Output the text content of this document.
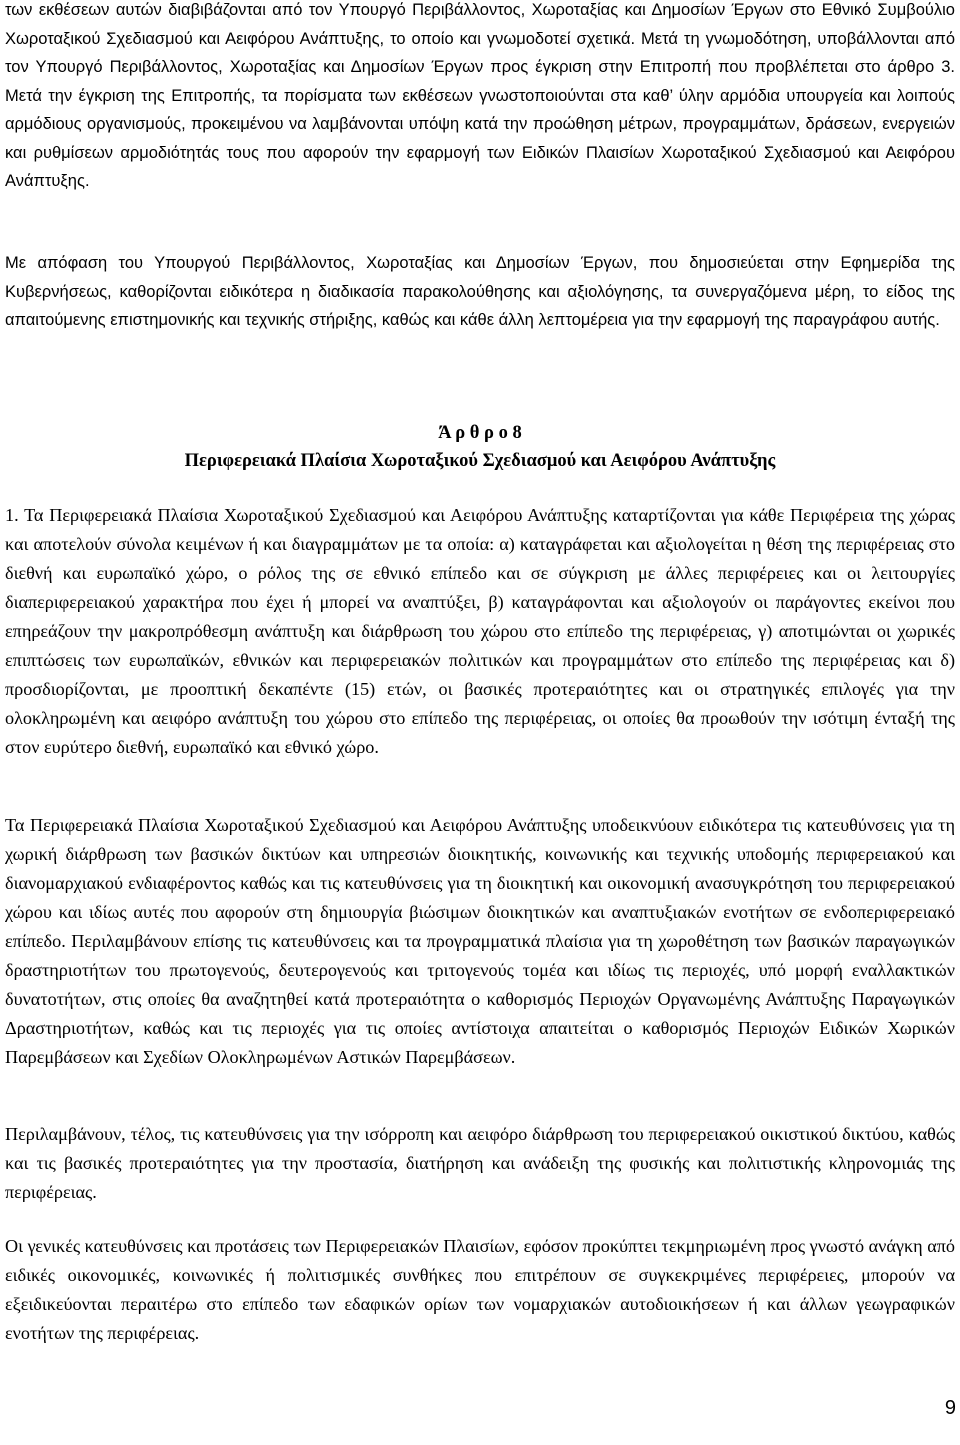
των εκθέσεων αυτών διαβιβάζονται από τον Υπουργό Περιβάλλοντος, Χωροταξίας και Δημοσίων Έργων στο Εθνικό Συμβούλιο Χωροταξικού Σχεδιασμού και Αειφόρου Ανάπτυξης, το οποίο και γνωμοδοτεί σχετικά. Μετά τη γνωμοδότηση, υποβάλλονται από τον Υπουργό Περιβάλλοντος, Χωροταξίας και Δημοσίων Έργων προς έγκριση στην Επιτροπή που προβλέπεται στο άρθρο 3. Μετά την έγκριση της Επιτροπής, τα πορίσματα των εκθέσεων γνωστοποιούνται στα καθ’ ύλην αρμόδια υπουργεία και λοιπούς αρμόδιους οργανισμούς, προκειμένου να λαμβάνονται υπόψη κατά την προώθηση μέτρων, προγραμμάτων, δράσεων, ενεργειών και ρυθμίσεων αρμοδιότητάς τους που αφορούν την εφαρμογή των Ειδικών Πλαισίων Χωροταξικού Σχεδιασμού και Αειφόρου Ανάπτυξης.

Με απόφαση του Υπουργού Περιβάλλοντος, Χωροταξίας και Δημοσίων Έργων, που δημοσιεύεται στην Εφημερίδα της Κυβερνήσεως, καθορίζονται ειδικότερα η διαδικασία παρακολούθησης και αξιολόγησης, τα συνεργαζόμενα μέρη, το είδος της απαιτούμενης επιστημονικής και τεχνικής στήριξης, καθώς και κάθε άλλη λεπτομέρεια για την εφαρμογή της παραγράφου αυτής.

Ά ρ θ ρ ο 8
Περιφερειακά Πλαίσια Χωροταξικού Σχεδιασμού και Αειφόρου Ανάπτυξης

1. Τα Περιφερειακά Πλαίσια Χωροταξικού Σχεδιασμού και Αειφόρου Ανάπτυξης καταρτίζονται για κάθε Περιφέρεια της χώρας και αποτελούν σύνολα κειμένων ή και διαγραμμάτων με τα οποία: α) καταγράφεται και αξιολογείται η θέση της περιφέρειας στο διεθνή και ευρωπαϊκό χώρο, ο ρόλος της σε εθνικό επίπεδο και σε σύγκριση με άλλες περιφέρειες και οι λειτουργίες διαπεριφερειακού χαρακτήρα που έχει ή μπορεί να αναπτύξει, β) καταγράφονται και αξιολογούν οι παράγοντες εκείνοι που επηρεάζουν την μακροπρόθεσμη ανάπτυξη και διάρθρωση του χώρου στο επίπεδο της περιφέρειας, γ) αποτιμώνται οι χωρικές επιπτώσεις των ευρωπαϊκών, εθνικών και περιφερειακών πολιτικών και προγραμμάτων στο επίπεδο της περιφέρειας και δ) προσδιορίζονται, με προοπτική δεκαπέντε (15) ετών, οι βασικές προτεραιότητες και οι στρατηγικές επιλογές για την ολοκληρωμένη και αειφόρο ανάπτυξη του χώρου στο επίπεδο της περιφέρειας, οι οποίες θα προωθούν την ισότιμη ένταξή της στον ευρύτερο διεθνή, ευρωπαϊκό και εθνικό χώρο.

Τα Περιφερειακά Πλαίσια Χωροταξικού Σχεδιασμού και Αειφόρου Ανάπτυξης υποδεικνύουν ειδικότερα τις κατευθύνσεις για τη χωρική διάρθρωση των βασικών δικτύων και υπηρεσιών διοικητικής, κοινωνικής και τεχνικής υποδομής περιφερειακού και διανομαρχιακού ενδιαφέροντος καθώς και τις κατευθύνσεις για τη διοικητική και οικονομική ανασυγκρότηση του περιφερειακού χώρου και ιδίως αυτές που αφορούν στη δημιουργία βιώσιμων διοικητικών και αναπτυξιακών ενοτήτων σε ενδοπεριφερειακό επίπεδο. Περιλαμβάνουν επίσης τις κατευθύνσεις και τα προγραμματικά πλαίσια για τη χωροθέτηση των βασικών παραγωγικών δραστηριοτήτων του πρωτογενούς, δευτερογενούς και τριτογενούς τομέα και ιδίως τις περιοχές, υπό μορφή εναλλακτικών δυνατοτήτων, στις οποίες θα αναζητηθεί κατά προτεραιότητα ο καθορισμός Περιοχών Οργανωμένης Ανάπτυξης Παραγωγικών Δραστηριοτήτων, καθώς και τις περιοχές για τις οποίες αντίστοιχα απαιτείται ο καθορισμός Περιοχών Ειδικών Χωρικών Παρεμβάσεων και Σχεδίων Ολοκληρωμένων Αστικών Παρεμβάσεων.

Περιλαμβάνουν, τέλος, τις κατευθύνσεις για την ισόρροπη και αειφόρο διάρθρωση του περιφερειακού οικιστικού δικτύου, καθώς και τις βασικές προτεραιότητες για την προστασία, διατήρηση και ανάδειξη της φυσικής και πολιτιστικής κληρονομιάς της περιφέρειας.

Οι γενικές κατευθύνσεις και προτάσεις των Περιφερειακών Πλαισίων, εφόσον προκύπτει τεκμηριωμένη προς γνωστό ανάγκη από ειδικές οικονομικές, κοινωνικές ή πολιτισμικές συνθήκες που επιτρέπουν σε συγκεκριμένες περιφέρειες, μπορούν να εξειδικεύονται περαιτέρω στο επίπεδο των εδαφικών ορίων των νομαρχιακών αυτοδιοικήσεων ή και άλλων γεωγραφικών ενοτήτων της περιφέρειας.

9
